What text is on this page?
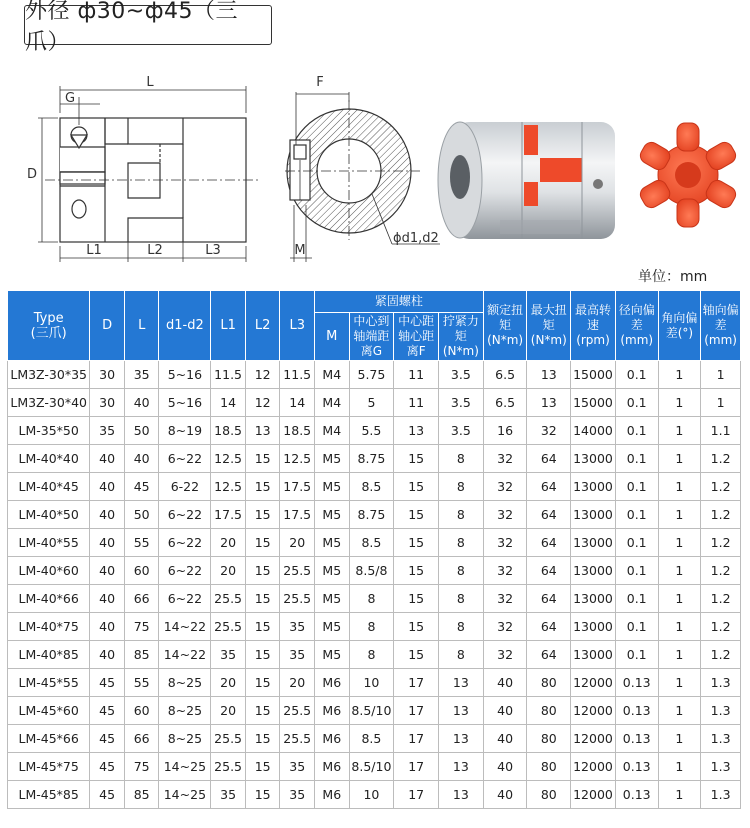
外径 ф30~ф45（三爪）
L
G
D
L1	L2	L3
F
M
ϕd1,d2
单位：mm
Type
(三爪)	D	L	d1-d2	L1	L2	L3	紧固螺柱				额定扭矩(N*m)	最大扭矩(N*m)	最高转速(rpm)	径向偏差(mm)	角向偏差(°)	轴向偏差(mm)
							M	中心到轴端距离G	中心距轴心距离F	拧紧力矩(N*m)						
LM3Z-30*35	30	35	5~16	11.5	12	11.5	M4	5.75	11	3.5	6.5	13	15000	0.1	1	1
LM3Z-30*40	30	40	5~16	14	12	14	M4	5	11	3.5	6.5	13	15000	0.1	1	1
LM-35*50	35	50	8~19	18.5	13	18.5	M4	5.5	13	3.5	16	32	14000	0.1	1	1.1
LM-40*40	40	40	6~22	12.5	15	12.5	M5	8.75	15	8	32	64	13000	0.1	1	1.2
LM-40*45	40	45	6-22	12.5	15	17.5	M5	8.5	15	8	32	64	13000	0.1	1	1.2
LM-40*50	40	50	6~22	17.5	15	17.5	M5	8.75	15	8	32	64	13000	0.1	1	1.2
LM-40*55	40	55	6~22	20	15	20	M5	8.5	15	8	32	64	13000	0.1	1	1.2
LM-40*60	40	60	6~22	20	15	25.5	M5	8.5/8	15	8	32	64	13000	0.1	1	1.2
LM-40*66	40	66	6~22	25.5	15	25.5	M5	8	15	8	32	64	13000	0.1	1	1.2
LM-40*75	40	75	14~22	25.5	15	35	M5	8	15	8	32	64	13000	0.1	1	1.2
LM-40*85	40	85	14~22	35	15	35	M5	8	15	8	32	64	13000	0.1	1	1.2
LM-45*55	45	55	8~25	20	15	20	M6	10	17	13	40	80	12000	0.13	1	1.3
LM-45*60	45	60	8~25	20	15	25.5	M6	8.5/10	17	13	40	80	12000	0.13	1	1.3
LM-45*66	45	66	8~25	25.5	15	25.5	M6	8.5	17	13	40	80	12000	0.13	1	1.3
LM-45*75	45	75	14~25	25.5	15	35	M6	8.5/10	17	13	40	80	12000	0.13	1	1.3
LM-45*85	45	85	14~25	35	15	35	M6	10	17	13	40	80	12000	0.13	1	1.3
